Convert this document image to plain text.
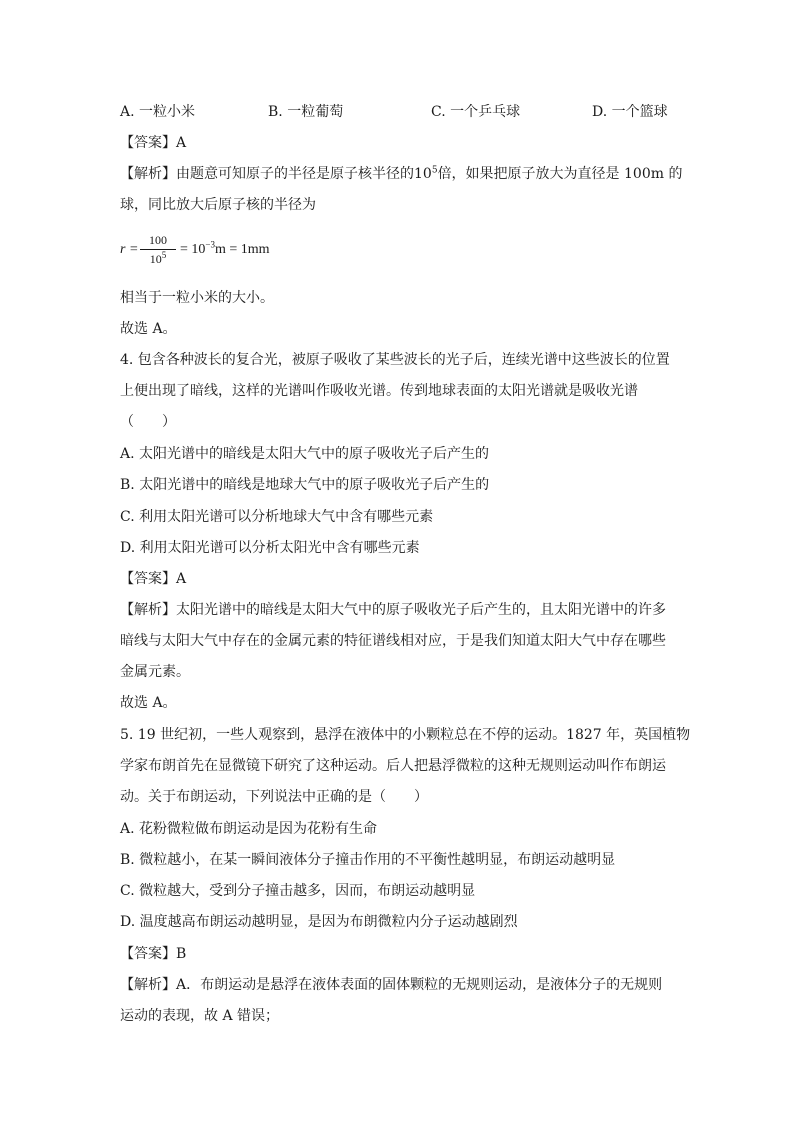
A. 一粒小米	B. 一粒葡萄	C. 一个乒乓球	D. 一个篮球
【答案】A
【解析】由题意可知原子的半径是原子核半径的$10^5$倍，如果把原子放大为直径是 100m 的
球，同比放大后原子核的半径为
r =
100
$10^5 = 10^{-3}m = 1mm$
相当于一粒小米的大小。
故选 A。
4. 包含各种波长的复合光，被原子吸收了某些波长的光子后，连续光谱中这些波长的位置
上便出现了暗线，这样的光谱叫作吸收光谱。传到地球表面的太阳光谱就是吸收光谱
（　　）
A. 太阳光谱中的暗线是太阳大气中的原子吸收光子后产生的
B. 太阳光谱中的暗线是地球大气中的原子吸收光子后产生的
C. 利用太阳光谱可以分析地球大气中含有哪些元素
D. 利用太阳光谱可以分析太阳光中含有哪些元素
【答案】A
【解析】太阳光谱中的暗线是太阳大气中的原子吸收光子后产生的，且太阳光谱中的许多
暗线与太阳大气中存在的金属元素的特征谱线相对应，于是我们知道太阳大气中存在哪些
金属元素。
故选 A。
5. 19 世纪初，一些人观察到，悬浮在液体中的小颗粒总在不停的运动。1827 年，英国植物
学家布朗首先在显微镜下研究了这种运动。后人把悬浮微粒的这种无规则运动叫作布朗运
动。关于布朗运动，下列说法中正确的是（　　）
A. 花粉微粒做布朗运动是因为花粉有生命
B. 微粒越小，在某一瞬间液体分子撞击作用的不平衡性越明显，布朗运动越明显
C. 微粒越大，受到分子撞击越多，因而，布朗运动越明显
D. 温度越高布朗运动越明显，是因为布朗微粒内分子运动越剧烈
【答案】B
【解析】A．布朗运动是悬浮在液体表面的固体颗粒的无规则运动，是液体分子的无规则
运动的表现，故 A 错误；
